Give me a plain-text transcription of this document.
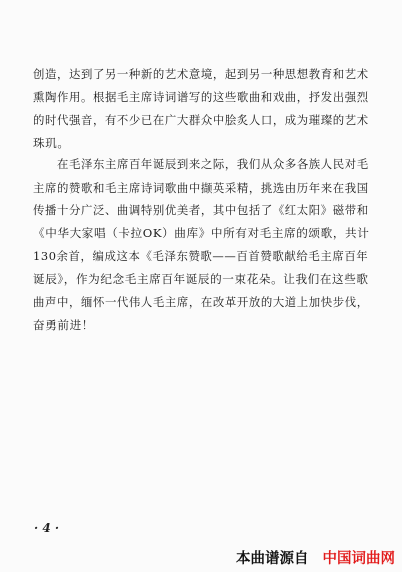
创造，达到了另一种新的艺术意境，起到另一种思想教育和艺术
熏陶作用。根据毛主席诗词谱写的这些歌曲和戏曲，抒发出强烈
的时代强音，有不少已在广大群众中脍炙人口，成为璀璨的艺术
珠玑。
在毛泽东主席百年诞辰到来之际，我们从众多各族人民对毛
主席的赞歌和毛主席诗词歌曲中撷英采精，挑选由历年来在我国
传播十分广泛、曲调特别优美者，其中包括了《红太阳》磁带和
《中华大家唱（卡拉OK）曲库》中所有对毛主席的颂歌，共计
130余首，编成这本《毛泽东赞歌——百首赞歌献给毛主席百年
诞辰》，作为纪念毛主席百年诞辰的一束花朵。让我们在这些歌
曲声中，缅怀一代伟人毛主席，在改革开放的大道上加快步伐，
奋勇前进！
· 4 ·
本曲谱源自 中国词曲网
